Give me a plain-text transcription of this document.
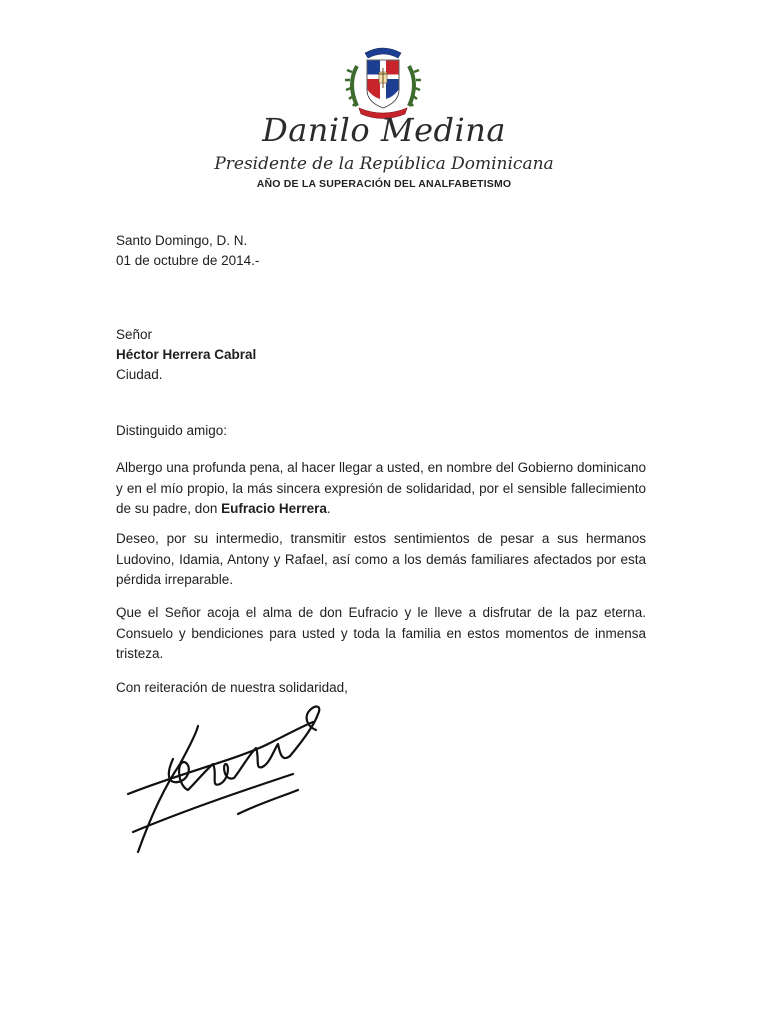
Danilo Medina
Presidente de la República Dominicana
AÑO DE LA SUPERACIÓN DEL ANALFABETISMO
Santo Domingo, D. N.
01 de octubre de 2014.-
Señor
Héctor Herrera Cabral
Ciudad.
Distinguido amigo:
Albergo una profunda pena, al hacer llegar a usted, en nombre del Gobierno dominicano y en el mío propio, la más sincera expresión de solidaridad, por el sensible fallecimiento de su padre, don Eufracio Herrera.
Deseo, por su intermedio, transmitir estos sentimientos de pesar a sus hermanos Ludovino, Idamia, Antony y Rafael, así como a los demás familiares afectados por esta pérdida irreparable.
Que el Señor acoja el alma de don Eufracio y le lleve a disfrutar de la paz eterna. Consuelo y bendiciones para usted y toda la familia en estos momentos de inmensa tristeza.
Con reiteración de nuestra solidaridad,
